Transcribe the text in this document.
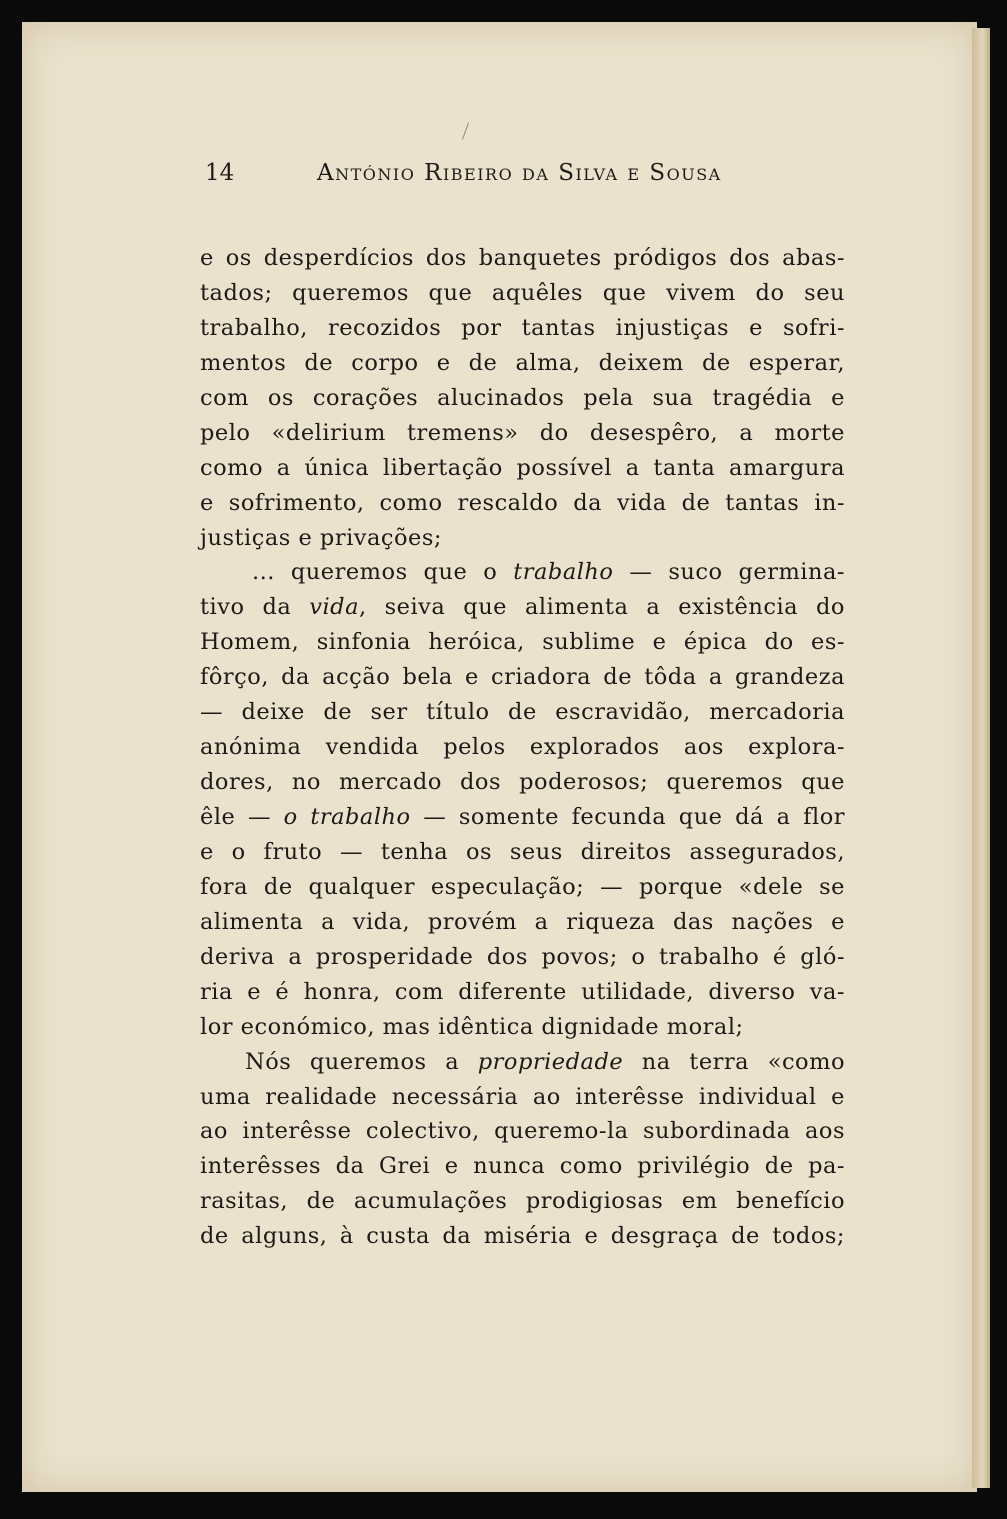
14	António Ribeiro da Silva e Sousa
e os desperdícios dos banquetes pródigos dos abas-
tados; queremos que aquêles que vivem do seu
trabalho, recozidos por tantas injustiças e sofri-
mentos de corpo e de alma, deixem de esperar,
com os corações alucinados pela sua tragédia e
pelo «delirium tremens» do desespêro, a morte
como a única libertação possível a tanta amargura
e sofrimento, como rescaldo da vida de tantas in-
justiças e privações;
... queremos que o trabalho — suco germina-
tivo da vida, seiva que alimenta a existência do
Homem, sinfonia heróica, sublime e épica do es-
fôrço, da acção bela e criadora de tôda a grandeza
— deixe de ser título de escravidão, mercadoria
anónima vendida pelos explorados aos explora-
dores, no mercado dos poderosos; queremos que
êle — o trabalho — somente fecunda que dá a flor
e o fruto — tenha os seus direitos assegurados,
fora de qualquer especulação; — porque «dele se
alimenta a vida, provém a riqueza das nações e
deriva a prosperidade dos povos; o trabalho é gló-
ria e é honra, com diferente utilidade, diverso va-
lor económico, mas idêntica dignidade moral;
Nós queremos a propriedade na terra «como
uma realidade necessária ao interêsse individual e
ao interêsse colectivo, queremo-la subordinada aos
interêsses da Grei e nunca como privilégio de pa-
rasitas, de acumulações prodigiosas em benefício
de alguns, à custa da miséria e desgraça de todos;
